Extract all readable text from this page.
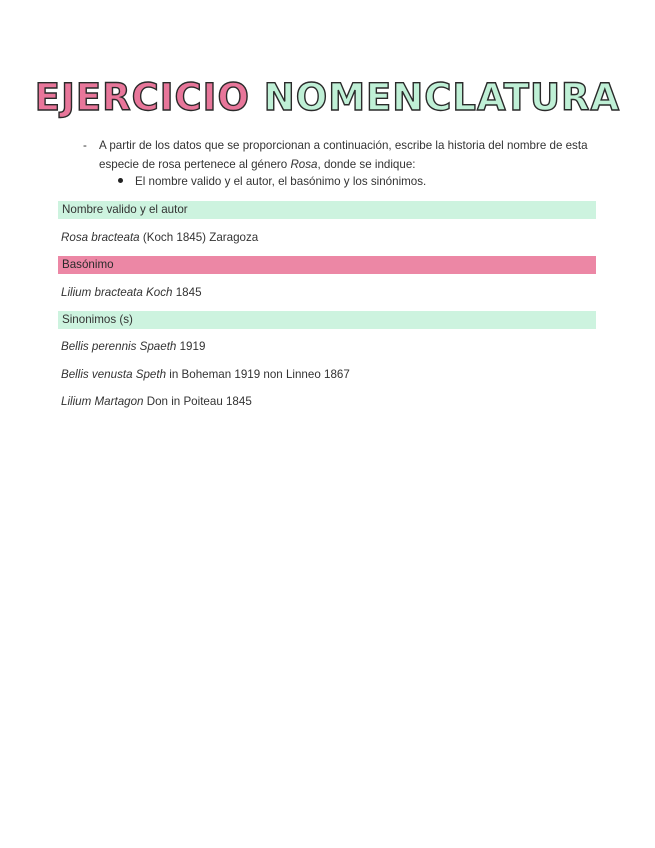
EJERCICIO NOMENCLATURA
- A partir de los datos que se proporcionan a continuación, escribe la historia del nombre de esta especie de rosa pertenece al género Rosa, donde se indique:
El nombre valido y el autor, el basónimo y los sinónimos.
Nombre valido y el autor
Rosa bracteata (Koch 1845) Zaragoza
Basónimo
Lilium bracteata Koch 1845
Sinonimos (s)
Bellis perennis Spaeth 1919
Bellis venusta Speth in Boheman 1919 non Linneo 1867
Lilium Martagon Don in Poiteau 1845
